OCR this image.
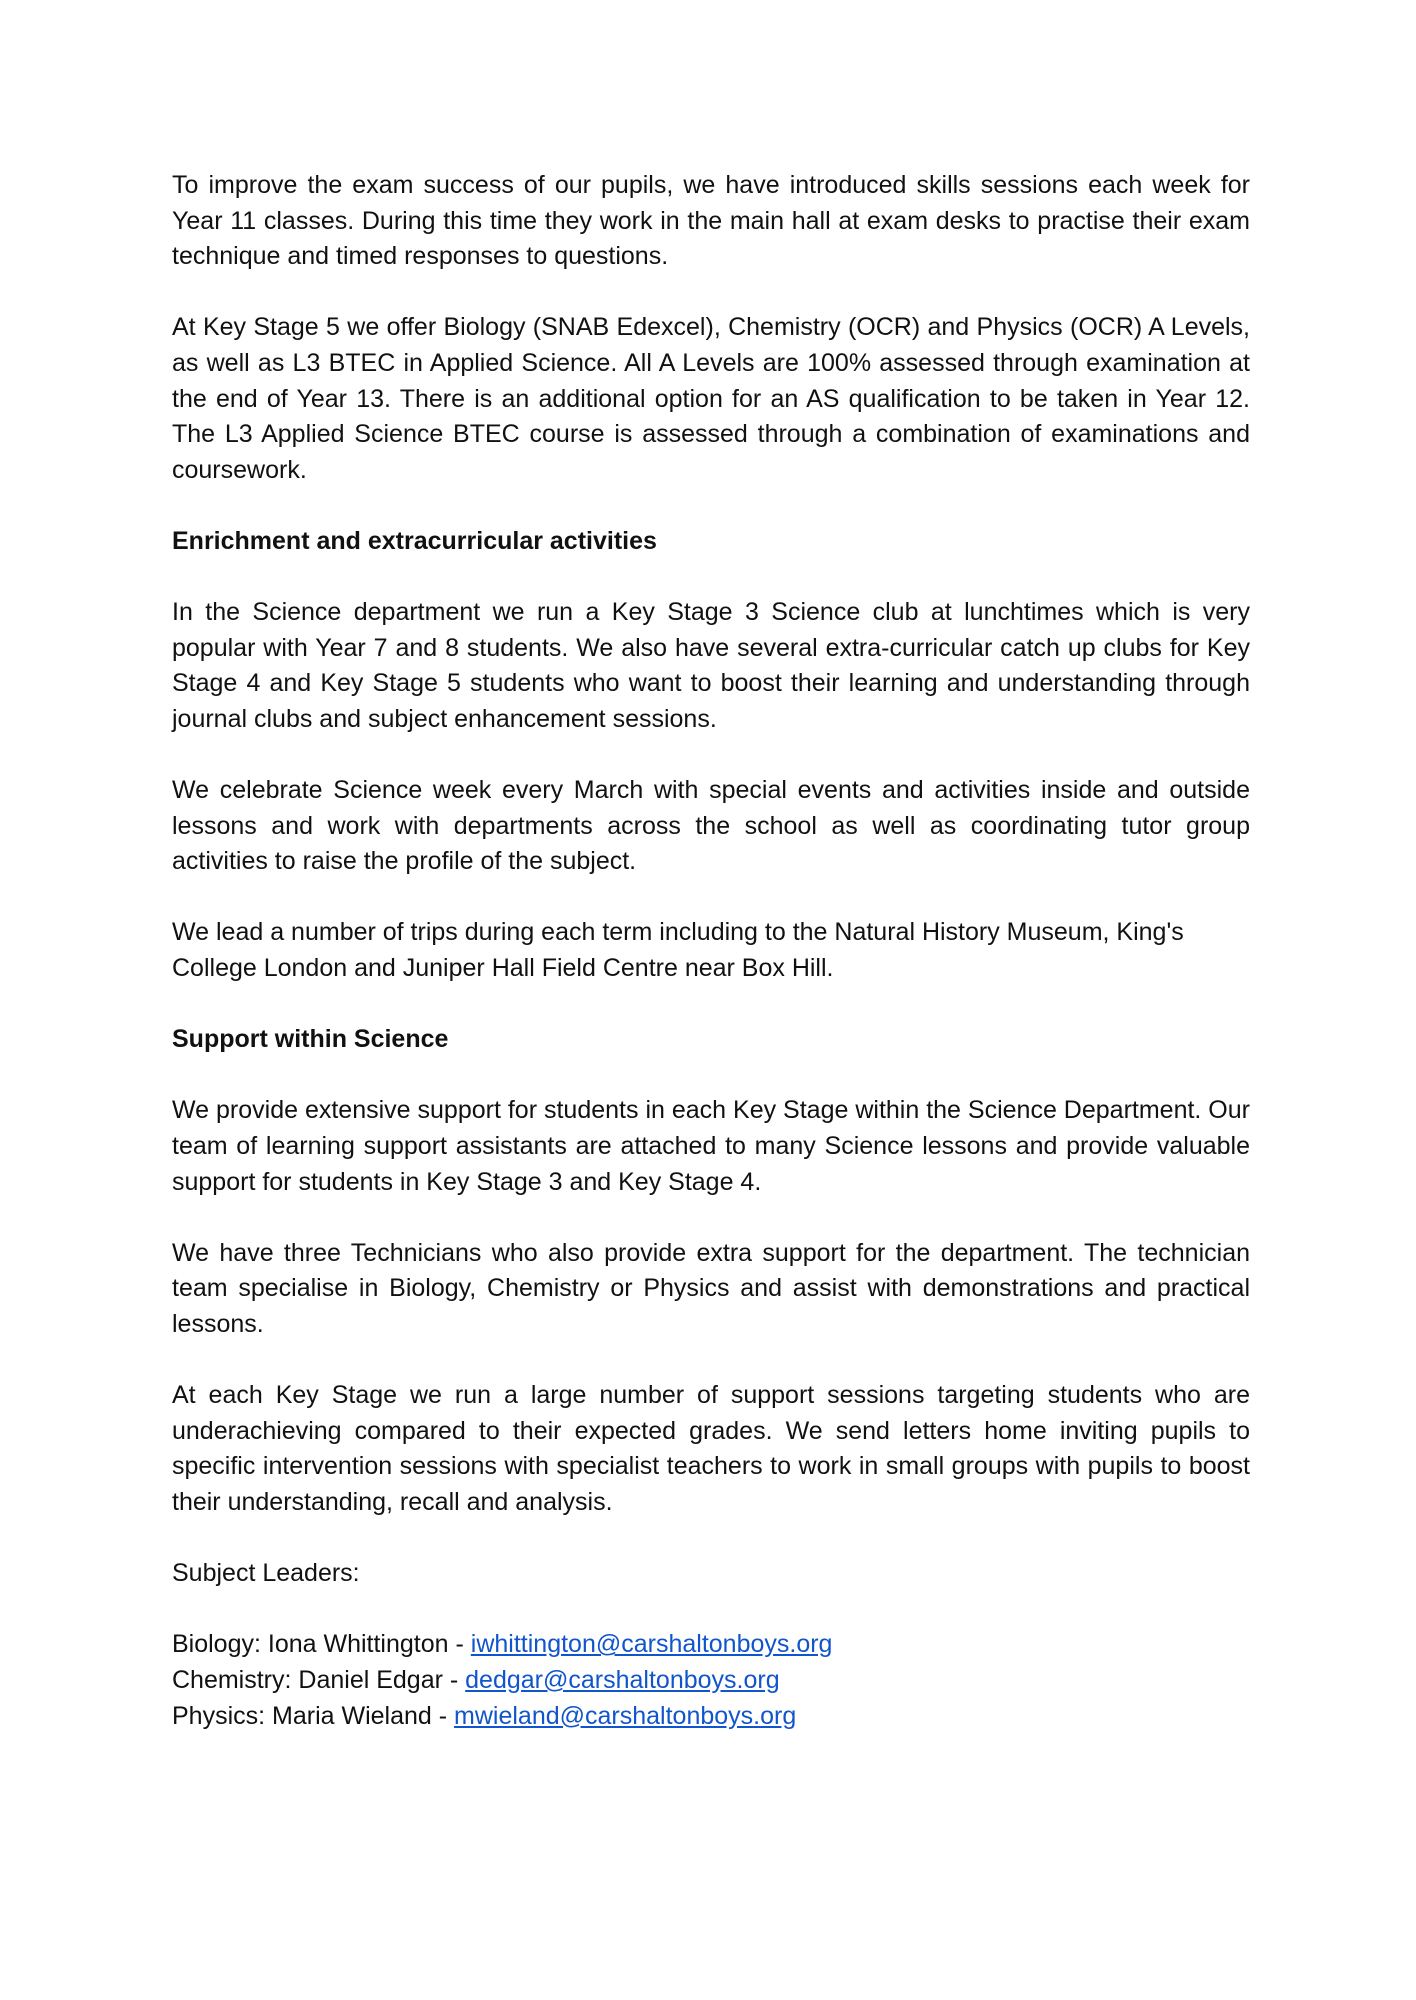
To improve the exam success of our pupils, we have introduced skills sessions each week for Year 11 classes. During this time they work in the main hall at exam desks to practise their exam technique and timed responses to questions.

At Key Stage 5 we offer Biology (SNAB Edexcel), Chemistry (OCR) and Physics (OCR) A Levels, as well as L3 BTEC in Applied Science. All A Levels are 100% assessed through examination at the end of Year 13. There is an additional option for an AS qualification to be taken in Year 12. The L3 Applied Science BTEC course is assessed through a combination of examinations and coursework.

Enrichment and extracurricular activities

In the Science department we run a Key Stage 3 Science club at lunchtimes which is very popular with Year 7 and 8 students. We also have several extra-curricular catch up clubs for Key Stage 4 and Key Stage 5 students who want to boost their learning and understanding through journal clubs and subject enhancement sessions.

We celebrate Science week every March with special events and activities inside and outside lessons and work with departments across the school as well as coordinating tutor group activities to raise the profile of the subject.

We lead a number of trips during each term including to the Natural History Museum, King's College London and Juniper Hall Field Centre near Box Hill.

Support within Science

We provide extensive support for students in each Key Stage within the Science Department. Our team of learning support assistants are attached to many Science lessons and provide valuable support for students in Key Stage 3 and Key Stage 4.

We have three Technicians who also provide extra support for the department. The technician team specialise in Biology, Chemistry or Physics and assist with demonstrations and practical lessons.

At each Key Stage we run a large number of support sessions targeting students who are underachieving compared to their expected grades. We send letters home inviting pupils to specific intervention sessions with specialist teachers to work in small groups with pupils to boost their understanding, recall and analysis.

Subject Leaders:

Biology: Iona Whittington - iwhittington@carshaltonboys.org
Chemistry: Daniel Edgar - dedgar@carshaltonboys.org
Physics: Maria Wieland - mwieland@carshaltonboys.org
